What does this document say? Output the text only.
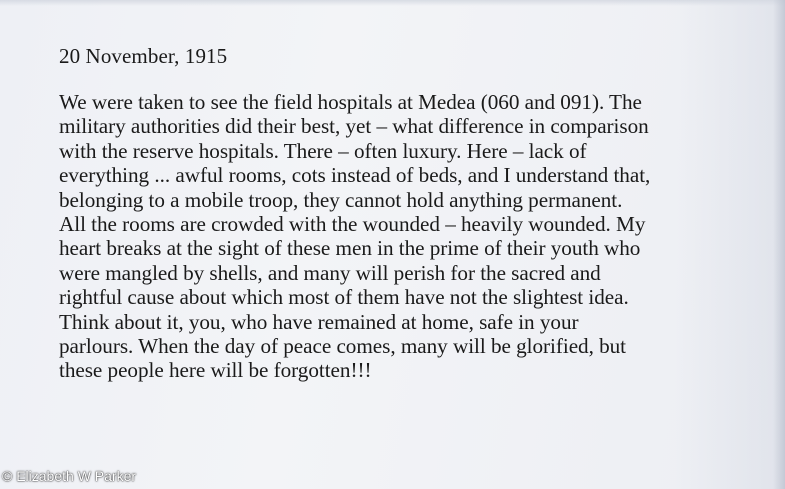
20 November, 1915

We were taken to see the field hospitals at Medea (060 and 091). The
military authorities did their best, yet – what difference in comparison
with the reserve hospitals. There – often luxury. Here – lack of
everything ... awful rooms, cots instead of beds, and I understand that,
belonging to a mobile troop, they cannot hold anything permanent.
All the rooms are crowded with the wounded – heavily wounded. My
heart breaks at the sight of these men in the prime of their youth who
were mangled by shells, and many will perish for the sacred and
rightful cause about which most of them have not the slightest idea.
Think about it, you, who have remained at home, safe in your
parlours. When the day of peace comes, many will be glorified, but
these people here will be forgotten!!!
© Elizabeth W Parker
